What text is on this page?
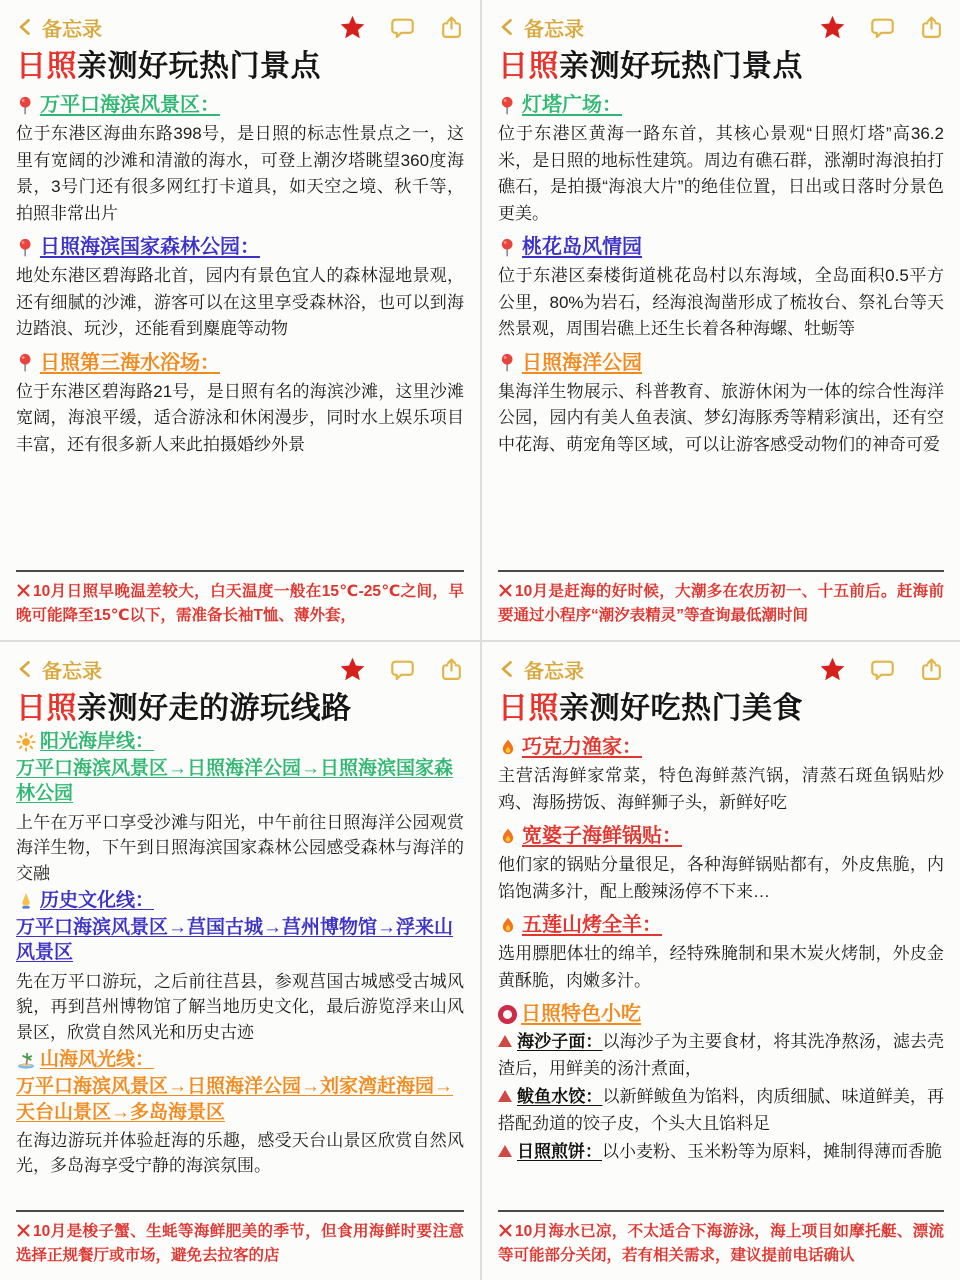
备忘录
日照亲测好玩热门景点
万平口海滨风景区：

位于东港区海曲东路398号，是日照的标志性景点之一，这里有宽阔的沙滩和清澈的海水，可登上潮汐塔眺望360度海景，3号门还有很多网红打卡道具，如天空之境、秋千等，拍照非常出片

日照海滨国家森林公园：

地处东港区碧海路北首，园内有景色宜人的森林湿地景观，还有细腻的沙滩，游客可以在这里享受森林浴，也可以到海边踏浪、玩沙，还能看到麋鹿等动物

日照第三海水浴场：

位于东港区碧海路21号，是日照有名的海滨沙滩，这里沙滩宽阔，海浪平缓，适合游泳和休闲漫步，同时水上娱乐项目丰富，还有很多新人来此拍摄婚纱外景

10月日照早晚温差较大，白天温度一般在15℃-25℃之间，早晚可能降至15℃以下，需准备长袖T恤、薄外套，

备忘录
日照亲测好玩热门景点
灯塔广场：

位于东港区黄海一路东首，其核心景观“日照灯塔”高36.2米，是日照的地标性建筑。周边有礁石群，涨潮时海浪拍打礁石，是拍摄“海浪大片”的绝佳位置，日出或日落时分景色更美。

桃花岛风情园

位于东港区秦楼街道桃花岛村以东海域，全岛面积0.5平方公里，80%为岩石，经海浪淘凿形成了梳妆台、祭礼台等天然景观，周围岩礁上还生长着各种海螺、牡蛎等

日照海洋公园

集海洋生物展示、科普教育、旅游休闲为一体的综合性海洋公园，园内有美人鱼表演、梦幻海豚秀等精彩演出，还有空中花海、萌宠角等区域，可以让游客感受动物们的神奇可爱

10月是赶海的好时候，大潮多在农历初一、十五前后。赶海前要通过小程序“潮汐表精灵”等查询最低潮时间

备忘录
日照亲测好走的游玩线路
阳光海岸线：

万平口海滨风景区→日照海洋公园→日照海滨国家森林公园

上午在万平口享受沙滩与阳光，中午前往日照海洋公园观赏海洋生物，下午到日照海滨国家森林公园感受森林与海洋的交融

历史文化线：

万平口海滨风景区→莒国古城→莒州博物馆→浮来山风景区

先在万平口游玩，之后前往莒县，参观莒国古城感受古城风貌，再到莒州博物馆了解当地历史文化，最后游览浮来山风景区，欣赏自然风光和历史古迹

山海风光线：

万平口海滨风景区→日照海洋公园→刘家湾赶海园→天台山景区→多岛海景区

在海边游玩并体验赶海的乐趣，感受天台山景区欣赏自然风光，多岛海享受宁静的海滨氛围。

10月是梭子蟹、生蚝等海鲜肥美的季节，但食用海鲜时要注意选择正规餐厅或市场，避免去拉客的店

备忘录
日照亲测好吃热门美食
巧克力渔家：

主营活海鲜家常菜，特色海鲜蒸汽锅，清蒸石斑鱼锅贴炒鸡、海肠捞饭、海鲜狮子头，新鲜好吃

宽婆子海鲜锅贴：

他们家的锅贴分量很足，各种海鲜锅贴都有，外皮焦脆，内馅饱满多汁，配上酸辣汤停不下来…

五莲山烤全羊：

选用膘肥体壮的绵羊，经特殊腌制和果木炭火烤制，外皮金黄酥脆，肉嫩多汁。

日照特色小吃

海沙子面：以海沙子为主要食材，将其洗净熬汤，滤去壳渣后，用鲜美的汤汁煮面，

鲅鱼水饺：以新鲜鲅鱼为馅料，肉质细腻、味道鲜美，再搭配劲道的饺子皮，个头大且馅料足

日照煎饼：以小麦粉、玉米粉等为原料，摊制得薄而香脆

10月海水已凉，不太适合下海游泳，海上项目如摩托艇、漂流等可能部分关闭，若有相关需求，建议提前电话确认
